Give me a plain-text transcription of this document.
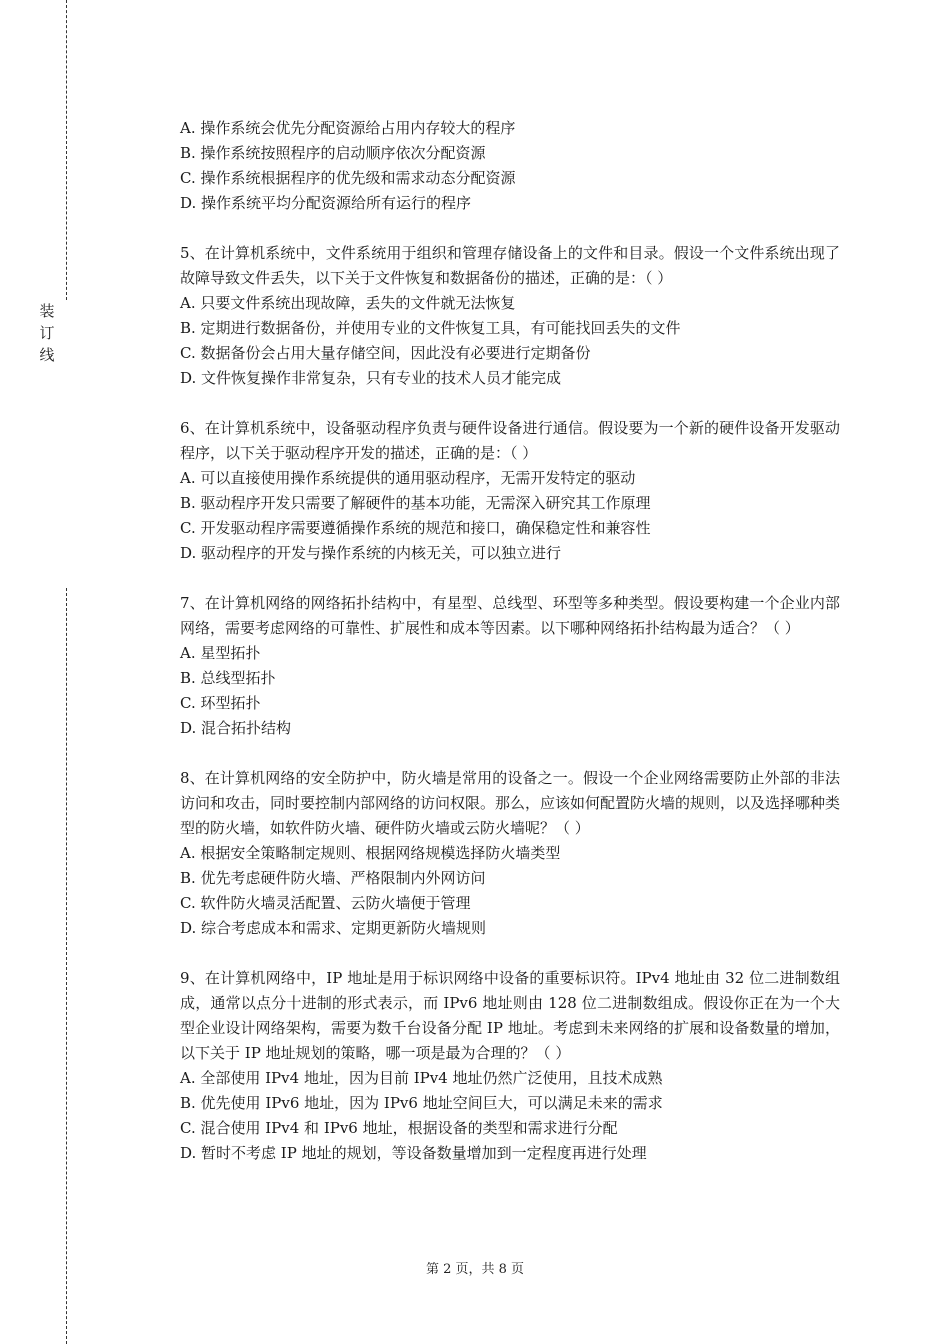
装
订
线

A. 操作系统会优先分配资源给占用内存较大的程序

B. 操作系统按照程序的启动顺序依次分配资源

C. 操作系统根据程序的优先级和需求动态分配资源

D. 操作系统平均分配资源给所有运行的程序

5、在计算机系统中，文件系统用于组织和管理存储设备上的文件和目录。假设一个文件系统出现了故障导致文件丢失，以下关于文件恢复和数据备份的描述，正确的是：（ ）

A. 只要文件系统出现故障，丢失的文件就无法恢复

B. 定期进行数据备份，并使用专业的文件恢复工具，有可能找回丢失的文件

C. 数据备份会占用大量存储空间，因此没有必要进行定期备份

D. 文件恢复操作非常复杂，只有专业的技术人员才能完成

6、在计算机系统中，设备驱动程序负责与硬件设备进行通信。假设要为一个新的硬件设备开发驱动程序，以下关于驱动程序开发的描述，正确的是：（ ）

A. 可以直接使用操作系统提供的通用驱动程序，无需开发特定的驱动

B. 驱动程序开发只需要了解硬件的基本功能，无需深入研究其工作原理

C. 开发驱动程序需要遵循操作系统的规范和接口，确保稳定性和兼容性

D. 驱动程序的开发与操作系统的内核无关，可以独立进行

7、在计算机网络的网络拓扑结构中，有星型、总线型、环型等多种类型。假设要构建一个企业内部网络，需要考虑网络的可靠性、扩展性和成本等因素。以下哪种网络拓扑结构最为适合？（ ）

A. 星型拓扑

B. 总线型拓扑

C. 环型拓扑

D. 混合拓扑结构

8、在计算机网络的安全防护中，防火墙是常用的设备之一。假设一个企业网络需要防止外部的非法访问和攻击，同时要控制内部网络的访问权限。那么，应该如何配置防火墙的规则，以及选择哪种类型的防火墙，如软件防火墙、硬件防火墙或云防火墙呢？（ ）

A. 根据安全策略制定规则、根据网络规模选择防火墙类型

B. 优先考虑硬件防火墙、严格限制内外网访问

C. 软件防火墙灵活配置、云防火墙便于管理

D. 综合考虑成本和需求、定期更新防火墙规则

9、在计算机网络中，IP 地址是用于标识网络中设备的重要标识符。IPv4 地址由 32 位二进制数组成，通常以点分十进制的形式表示，而 IPv6 地址则由 128 位二进制数组成。假设你正在为一个大型企业设计网络架构，需要为数千台设备分配 IP 地址。考虑到未来网络的扩展和设备数量的增加，以下关于 IP 地址规划的策略，哪一项是最为合理的？（ ）

A. 全部使用 IPv4 地址，因为目前 IPv4 地址仍然广泛使用，且技术成熟

B. 优先使用 IPv6 地址，因为 IPv6 地址空间巨大，可以满足未来的需求

C. 混合使用 IPv4 和 IPv6 地址，根据设备的类型和需求进行分配

D. 暂时不考虑 IP 地址的规划，等设备数量增加到一定程度再进行处理

第 2 页，共 8 页
